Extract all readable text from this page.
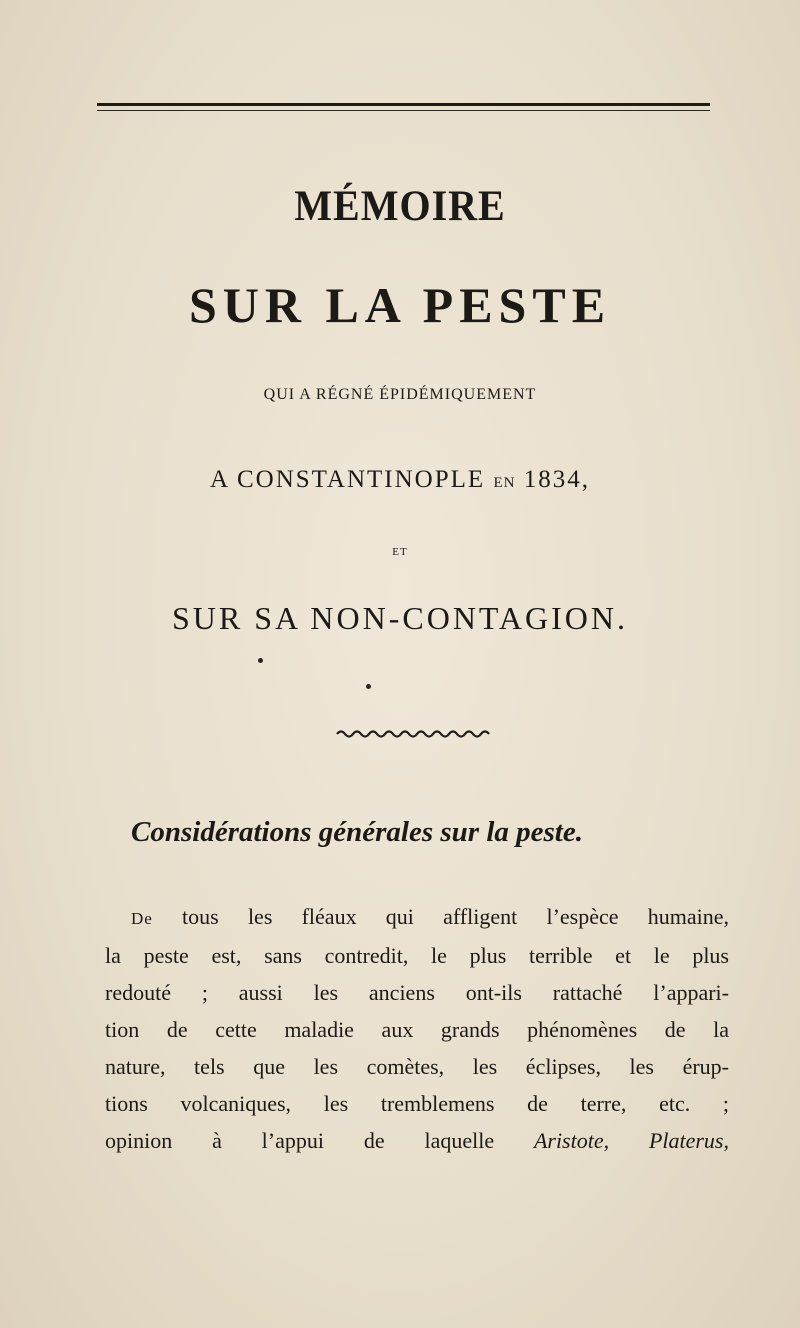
MÉMOIRE
SUR LA PESTE
QUI A RÉGNÉ ÉPIDÉMIQUEMENT
A CONSTANTINOPLE EN 1834,
ET
SUR SA NON-CONTAGION.
Considérations générales sur la peste.
De tous les fléaux qui affligent l’espèce humaine,
la peste est, sans contredit, le plus terrible et le plus
redouté ; aussi les anciens ont-ils rattaché l’appari-
tion de cette maladie aux grands phénomènes de la
nature, tels que les comètes, les éclipses, les érup-
tions volcaniques, les tremblemens de terre, etc. ;
opinion à l’appui de laquelle Aristote, Platerus,
